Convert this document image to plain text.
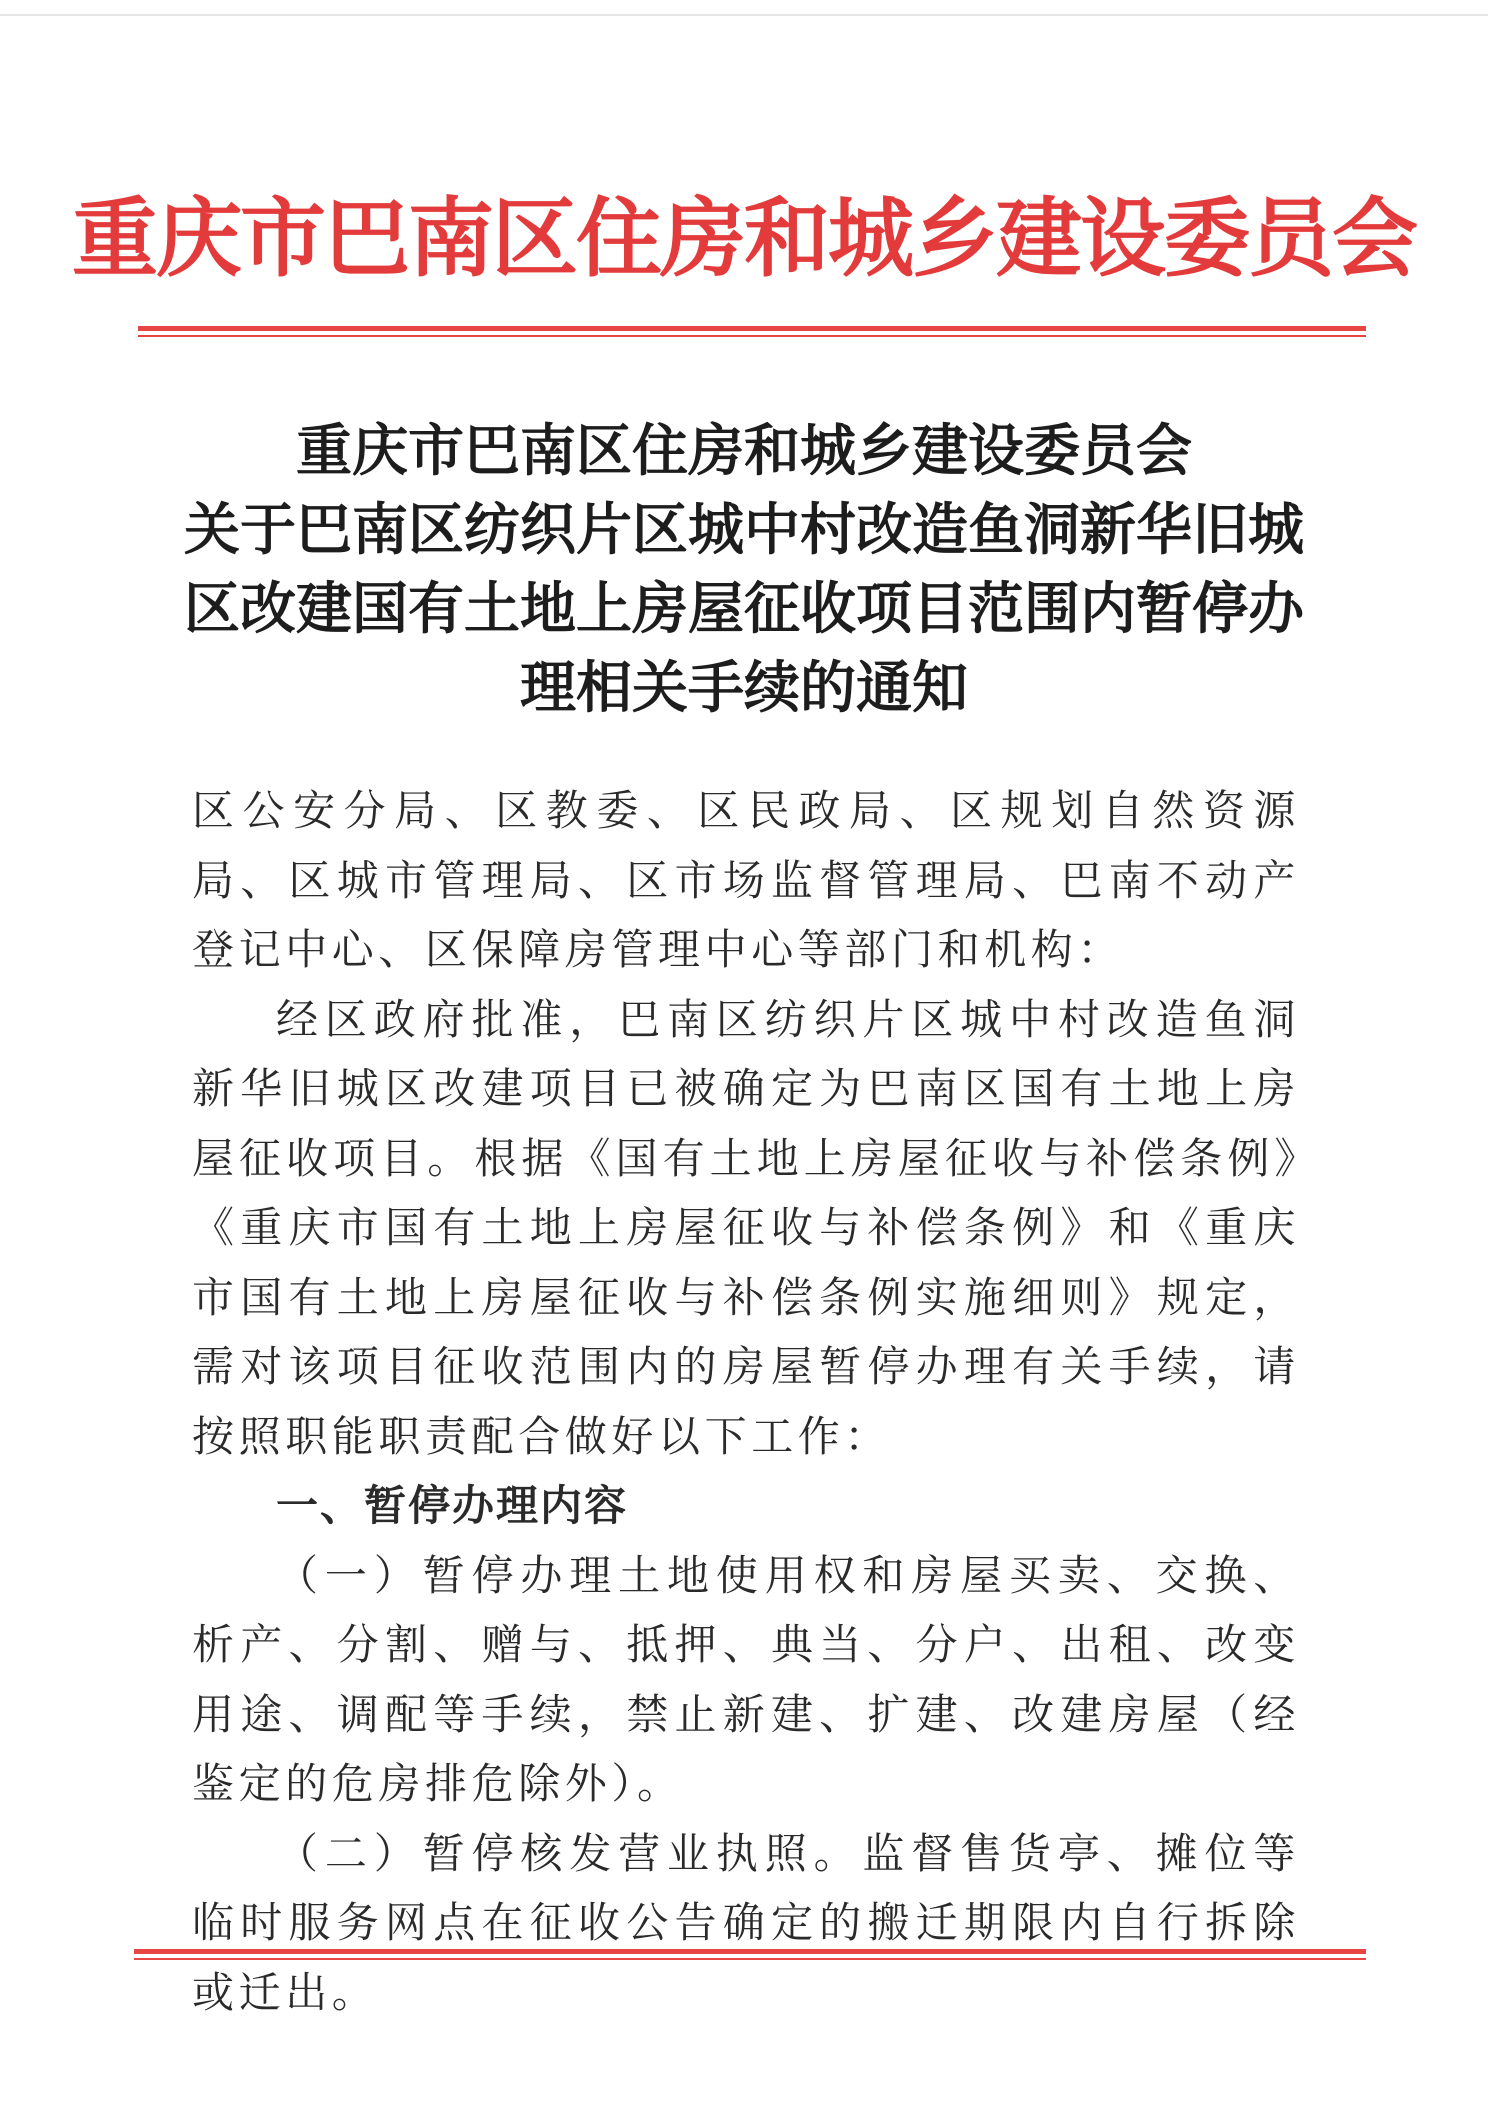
重庆市巴南区住房和城乡建设委员会
重庆市巴南区住房和城乡建设委员会
关于巴南区纺织片区城中村改造鱼洞新华旧城
区改建国有土地上房屋征收项目范围内暂停办
理相关手续的通知

区公安分局、区教委、区民政局、区规划自然资源局、区城市管理局、区市场监督管理局、巴南不动产登记中心、区保障房管理中心等部门和机构：

经区政府批准，巴南区纺织片区城中村改造鱼洞新华旧城区改建项目已被确定为巴南区国有土地上房屋征收项目。根据《国有土地上房屋征收与补偿条例》《重庆市国有土地上房屋征收与补偿条例》和《重庆市国有土地上房屋征收与补偿条例实施细则》规定，需对该项目征收范围内的房屋暂停办理有关手续，请按照职能职责配合做好以下工作：

一、暂停办理内容

（一）暂停办理土地使用权和房屋买卖、交换、析产、分割、赠与、抵押、典当、分户、出租、改变用途、调配等手续，禁止新建、扩建、改建房屋（经鉴定的危房排危除外）。

（二）暂停核发营业执照。监督售货亭、摊位等临时服务网点在征收公告确定的搬迁期限内自行拆除或迁出。
